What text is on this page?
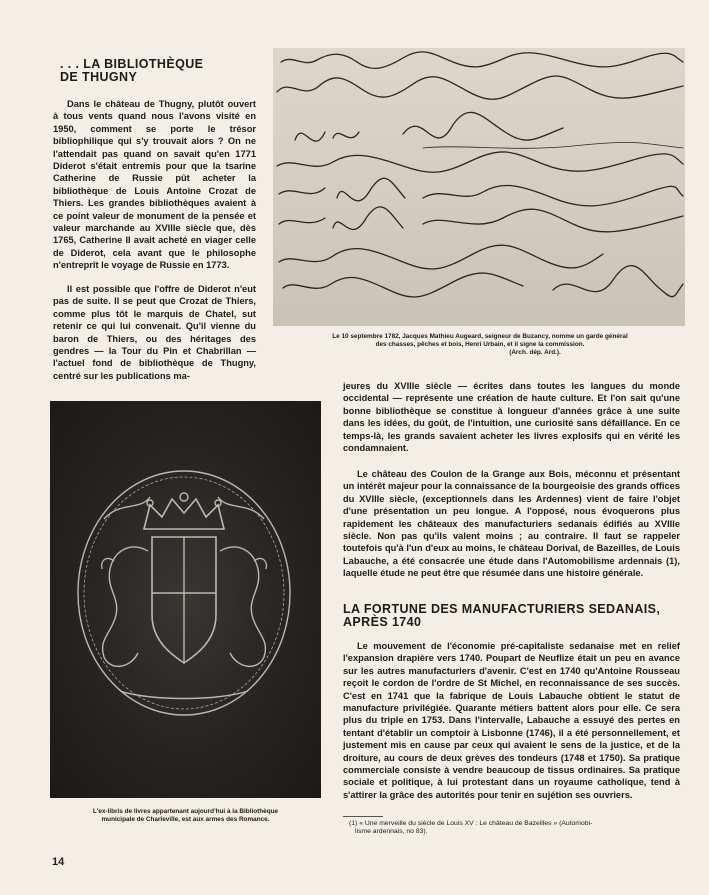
. . . LA BIBLIOTHÈQUE

DE THUGNY

Dans le château de Thugny, plutôt ouvert à tous vents quand nous l'avons visité en 1950, comment se porte le trésor bibliophilique qui s'y trouvait alors ? On ne l'attendait pas quand on savait qu'en 1771 Diderot s'était entremis pour que la tsarine Catherine de Russie pût acheter la bibliothèque de Louis Antoine Crozat de Thiers. Les grandes bibliothèques avaient à ce point valeur de monument de la pensée et valeur marchande au XVIIIe siècle que, dès 1765, Catherine II avait acheté en viager celle de Diderot, cela avant que le philosophe n'entreprît le voyage de Russie en 1773.

Il est possible que l'offre de Diderot n'eut pas de suite. Il se peut que Crozat de Thiers, comme plus tôt le marquis de Chatel, sut retenir ce qui lui convenait. Qu'il vienne du baron de Thiers, ou des héritages des gendres — la Tour du Pin et Chabrillan — l'actuel fond de bibliothèque de Thugny, centré sur les publications ma-

Le 10 septembre 1782, Jacques Mathieu Augeard, seigneur de Buzancy, nomme un garde général

des chasses, pêches et bois, Henri Urbain, et il signe la commission.

(Arch. dép. Ard.).

L'ex-libris de livres appartenant aujourd'hui à la Bibliothèque

municipale de Charleville, est aux armes des Romance.

jeures du XVIIIe siècle — écrites dans toutes les langues du monde occidental — représente une création de haute culture. Et l'on sait qu'une bonne bibliothèque se constitue à longueur d'années grâce à une suite dans les idées, du goût, de l'intuition, une curiosité sans défaillance. En ce temps-là, les grands savaient acheter les livres explosifs qui en vérité les condamnaient.

Le château des Coulon de la Grange aux Bois, méconnu et présentant un intérêt majeur pour la connaissance de la bourgeoisie des grands offices du XVIIIe siècle, (exceptionnels dans les Ardennes) vient de faire l'objet d'une présentation un peu longue. A l'opposé, nous évoquerons plus rapidement les châteaux des manufacturiers sedanais édifiés au XVIIIe siècle. Non pas qu'ils valent moins ; au contraire. Il faut se rappeler toutefois qu'à l'un d'eux au moins, le château Dorival, de Bazeilles, de Louis Labauche, a été consacrée une étude dans l'Automobilisme ardennais (1), laquelle étude ne peut être que résumée dans une histoire générale.

LA FORTUNE DES MANUFACTURIERS SEDANAIS,

APRÈS 1740

Le mouvement de l'économie pré-capitaliste sedanaise met en relief l'expansion drapière vers 1740. Poupart de Neuflize était un peu en avance sur les autres manufacturiers d'avenir. C'est en 1740 qu'Antoine Rousseau reçoit le cordon de l'ordre de St Michel, en reconnaissance de ses succès. C'est en 1741 que la fabrique de Louis Labauche obtient le statut de manufacture privilégiée. Quarante métiers battent alors pour elle. Ce sera plus du triple en 1753. Dans l'intervalle, Labauche a essuyé des pertes en tentant d'établir un comptoir à Lisbonne (1746), il a été personnellement, et justement mis en cause par ceux qui avaient le sens de la justice, et de la droiture, au cours de deux grèves des tondeurs (1748 et 1750). Sa pratique commerciale consiste à vendre beaucoup de tissus ordinaires. Sa pratique sociale et politique, à lui protestant dans un royaume catholique, tend à s'attirer la grâce des autorités pour tenir en sujétion ses ouvriers.

(1) « Une merveille du siècle de Louis XV : Le château de Bazeilles » (Automobi-

lisme ardennais, no 83).

14
